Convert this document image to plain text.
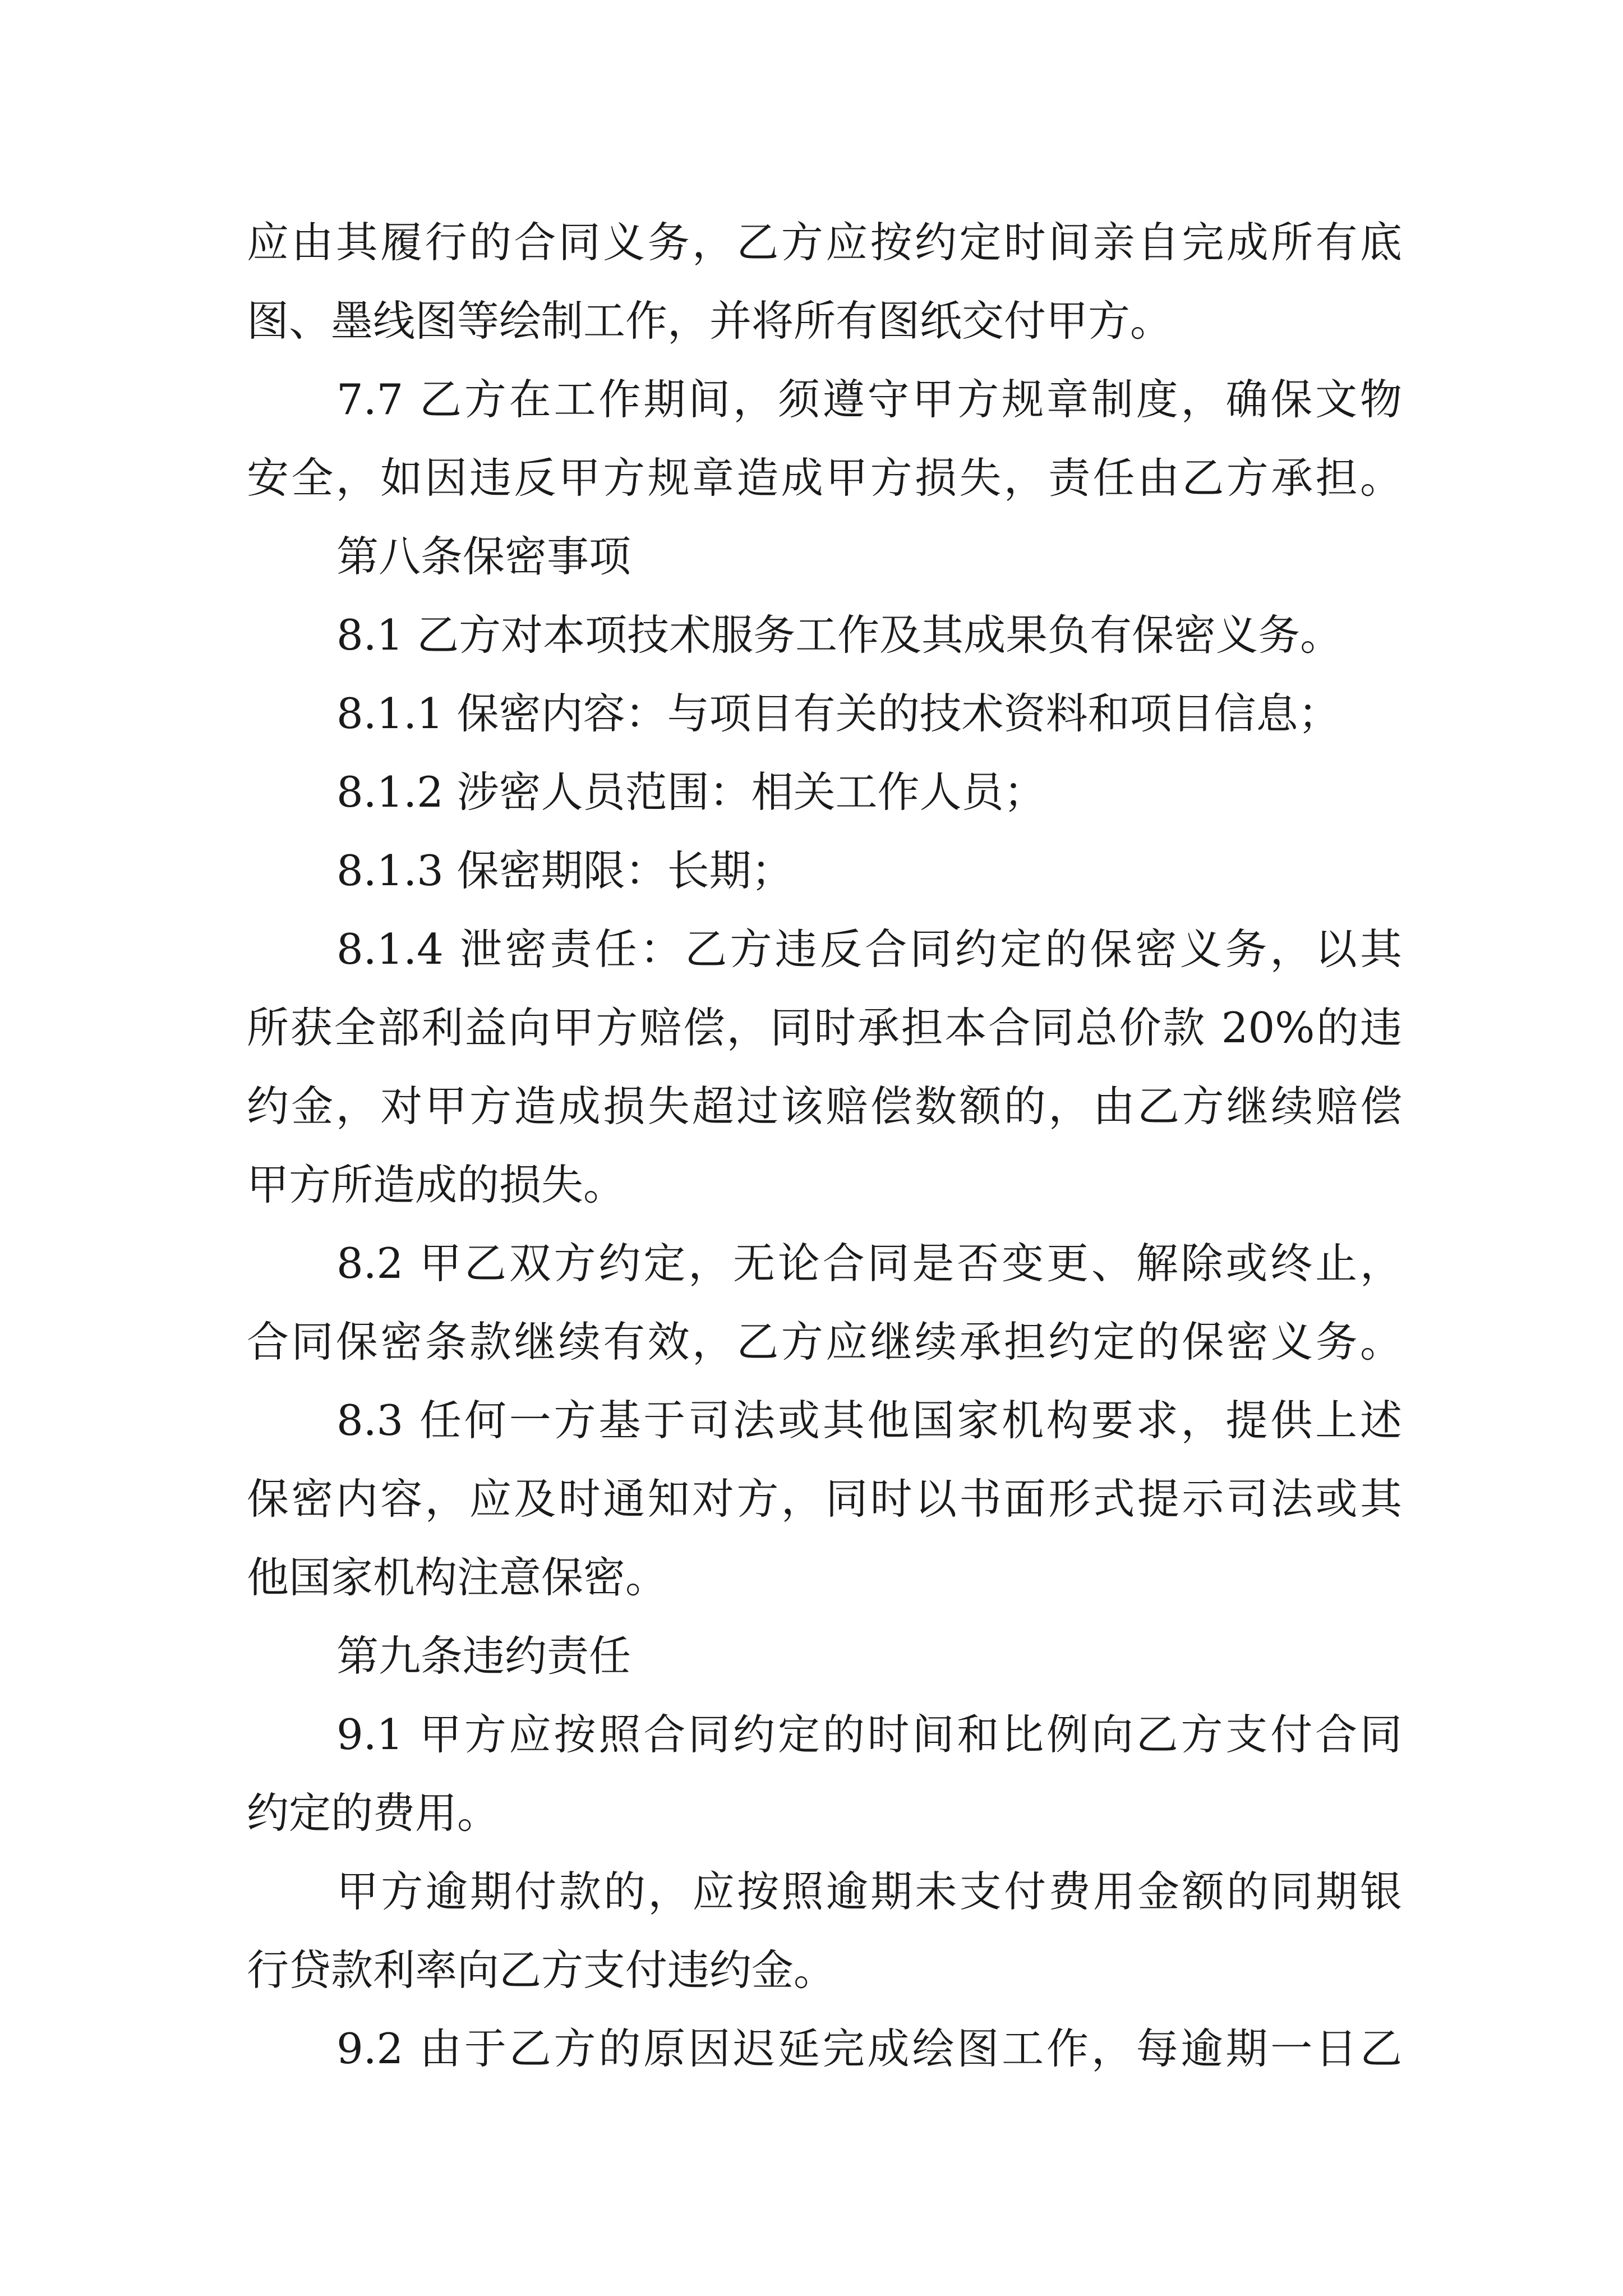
应由其履行的合同义务，乙方应按约定时间亲自完成所有底
图、墨线图等绘制工作，并将所有图纸交付甲方。
7.7 乙方在工作期间，须遵守甲方规章制度，确保文物
安全，如因违反甲方规章造成甲方损失，责任由乙方承担。
第八条保密事项
8.1 乙方对本项技术服务工作及其成果负有保密义务。
8.1.1 保密内容：与项目有关的技术资料和项目信息；
8.1.2 涉密人员范围：相关工作人员；
8.1.3 保密期限：长期；
8.1.4 泄密责任：乙方违反合同约定的保密义务，以其
所获全部利益向甲方赔偿，同时承担本合同总价款 20%的违
约金，对甲方造成损失超过该赔偿数额的，由乙方继续赔偿
甲方所造成的损失。
8.2 甲乙双方约定，无论合同是否变更、解除或终止，
合同保密条款继续有效，乙方应继续承担约定的保密义务。
8.3 任何一方基于司法或其他国家机构要求，提供上述
保密内容，应及时通知对方，同时以书面形式提示司法或其
他国家机构注意保密。
第九条违约责任
9.1 甲方应按照合同约定的时间和比例向乙方支付合同
约定的费用。
甲方逾期付款的，应按照逾期未支付费用金额的同期银
行贷款利率向乙方支付违约金。
9.2 由于乙方的原因迟延完成绘图工作，每逾期一日乙
